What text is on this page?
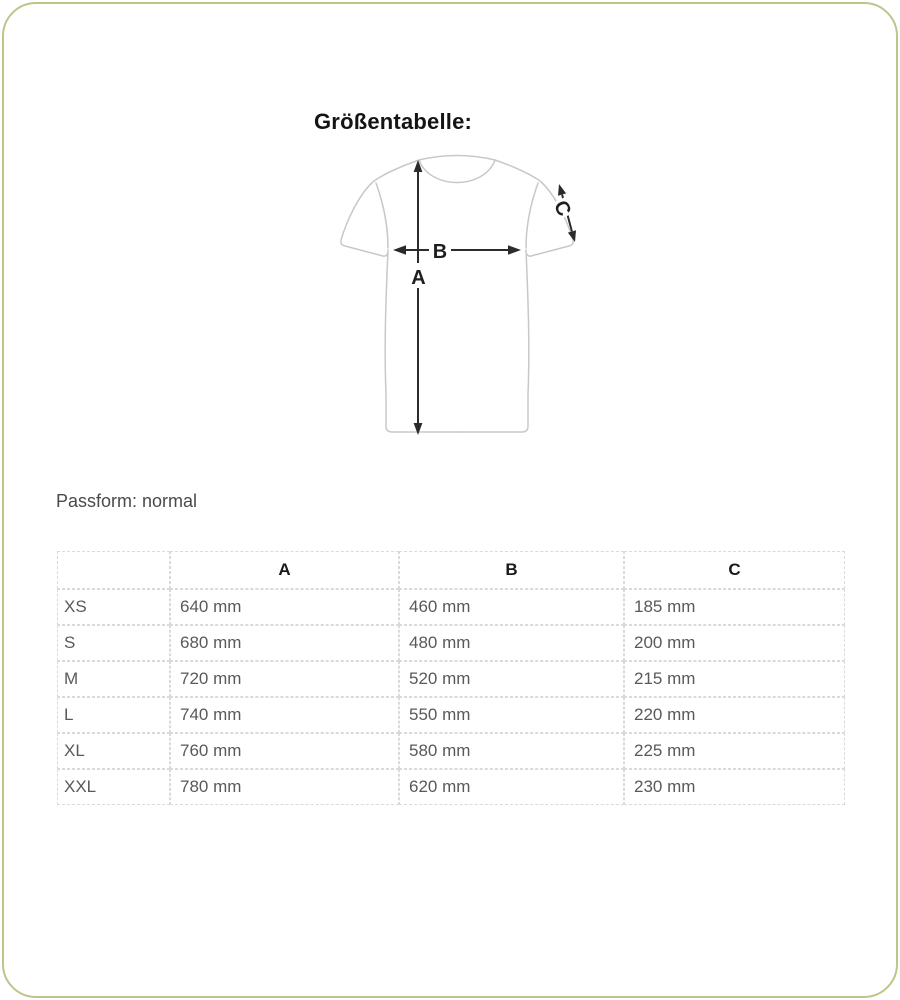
Größentabelle:
A
B
C
Passform: normal
	A	B	C
XS	640 mm	460 mm	185 mm
S	680 mm	480 mm	200 mm
M	720 mm	520 mm	215 mm
L	740 mm	550 mm	220 mm
XL	760 mm	580 mm	225 mm
XXL	780 mm	620 mm	230 mm
